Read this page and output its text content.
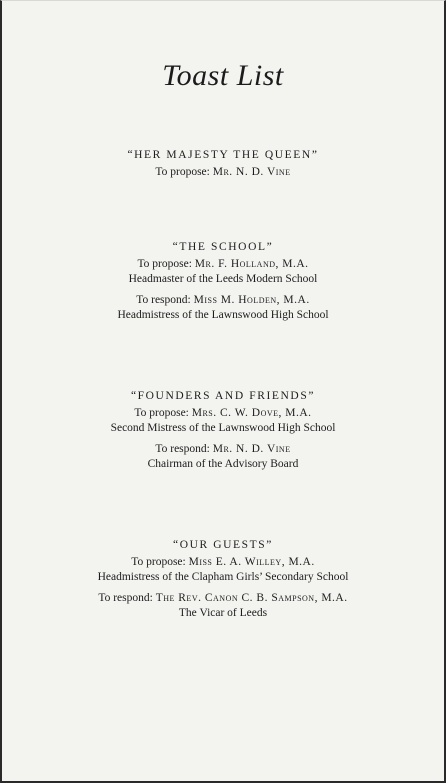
Toast List
“HER MAJESTY THE QUEEN”

To propose: Mr. N. D. Vine

“THE SCHOOL”

To propose: Mr. F. Holland, M.A.

Headmaster of the Leeds Modern School

To respond: Miss M. Holden, M.A.

Headmistress of the Lawnswood High School

“FOUNDERS AND FRIENDS”

To propose: Mrs. C. W. Dove, M.A.

Second Mistress of the Lawnswood High School

To respond: Mr. N. D. Vine

Chairman of the Advisory Board

“OUR GUESTS”

To propose: Miss E. A. Willey, M.A.

Headmistress of the Clapham Girls’ Secondary School

To respond: The Rev. Canon C. B. Sampson, M.A.

The Vicar of Leeds
